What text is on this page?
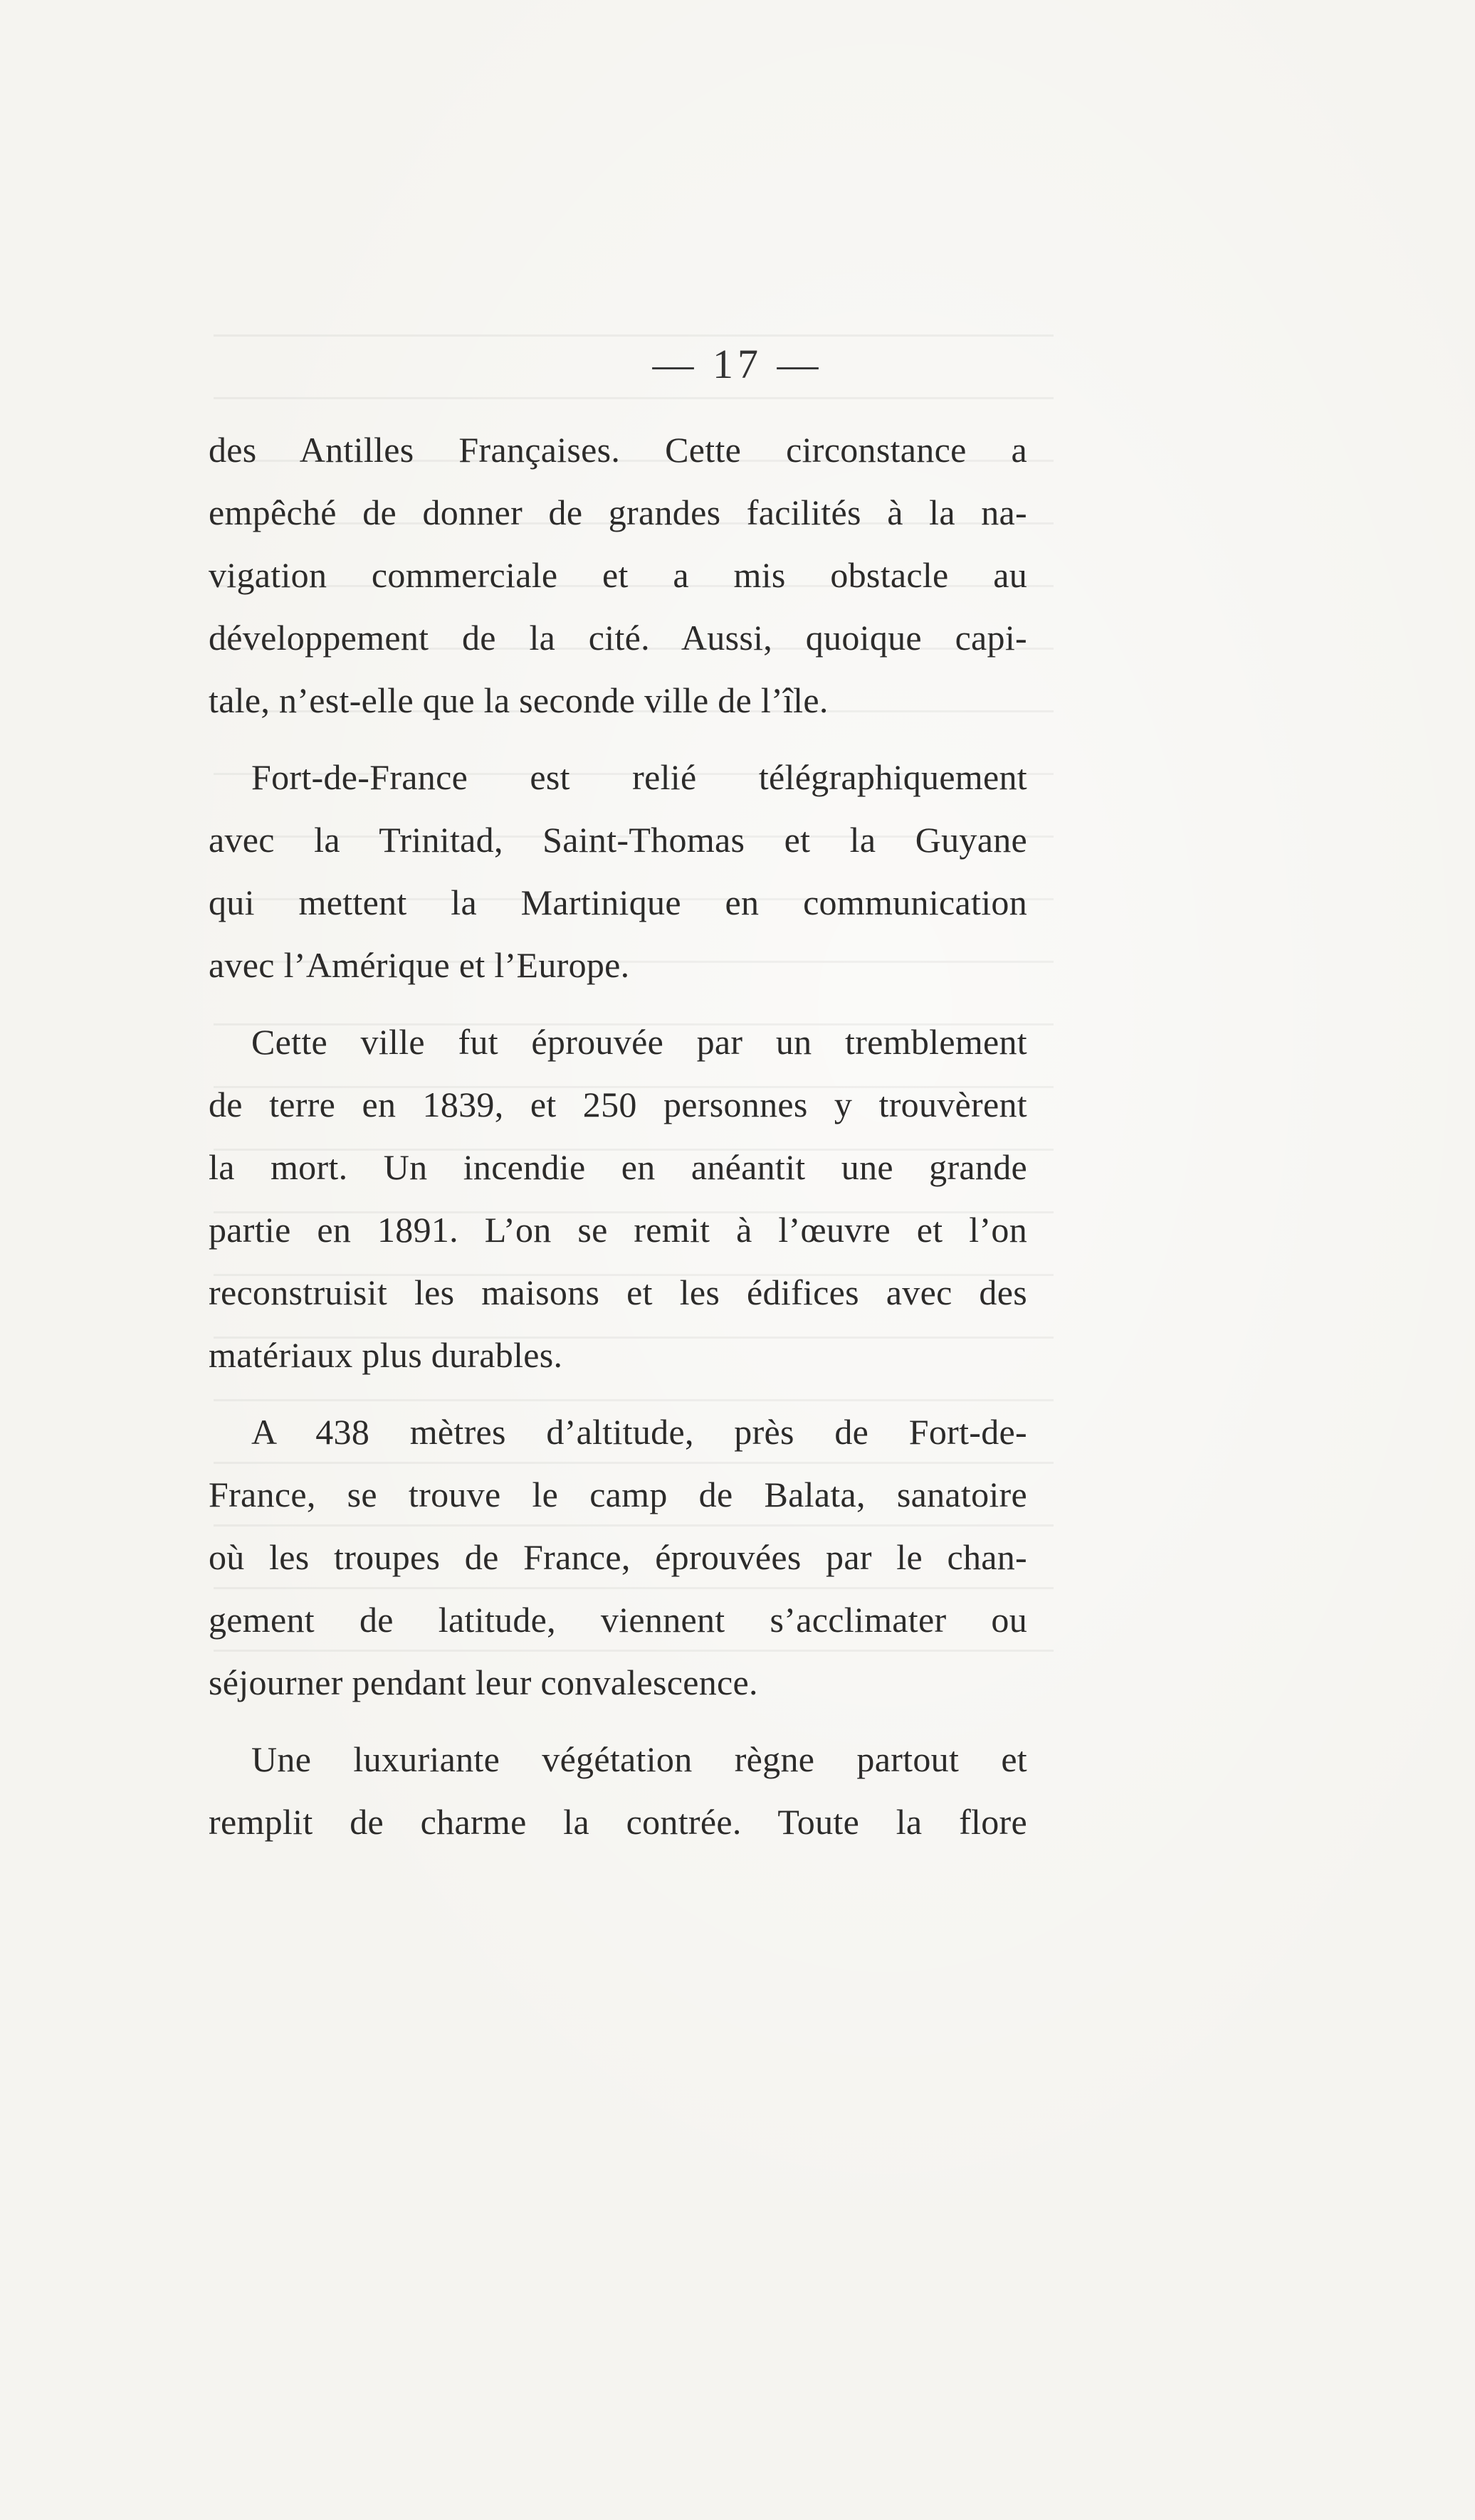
— 17 —
des Antilles Françaises. Cette circonstance a
empêché de donner de grandes facilités à la na-
vigation commerciale et a mis obstacle au
développement de la cité. Aussi, quoique capi-
tale, n’est-elle que la seconde ville de l’île.
Fort-de-France est relié télégraphiquement
avec la Trinitad, Saint-Thomas et la Guyane
qui mettent la Martinique en communication
avec l’Amérique et l’Europe.
Cette ville fut éprouvée par un tremblement
de terre en 1839, et 250 personnes y trouvèrent
la mort. Un incendie en anéantit une grande
partie en 1891. L’on se remit à l’œuvre et l’on
reconstruisit les maisons et les édifices avec des
matériaux plus durables.
A 438 mètres d’altitude, près de Fort-de-
France, se trouve le camp de Balata, sanatoire
où les troupes de France, éprouvées par le chan-
gement de latitude, viennent s’acclimater ou
séjourner pendant leur convalescence.
Une luxuriante végétation règne partout et
remplit de charme la contrée. Toute la flore
